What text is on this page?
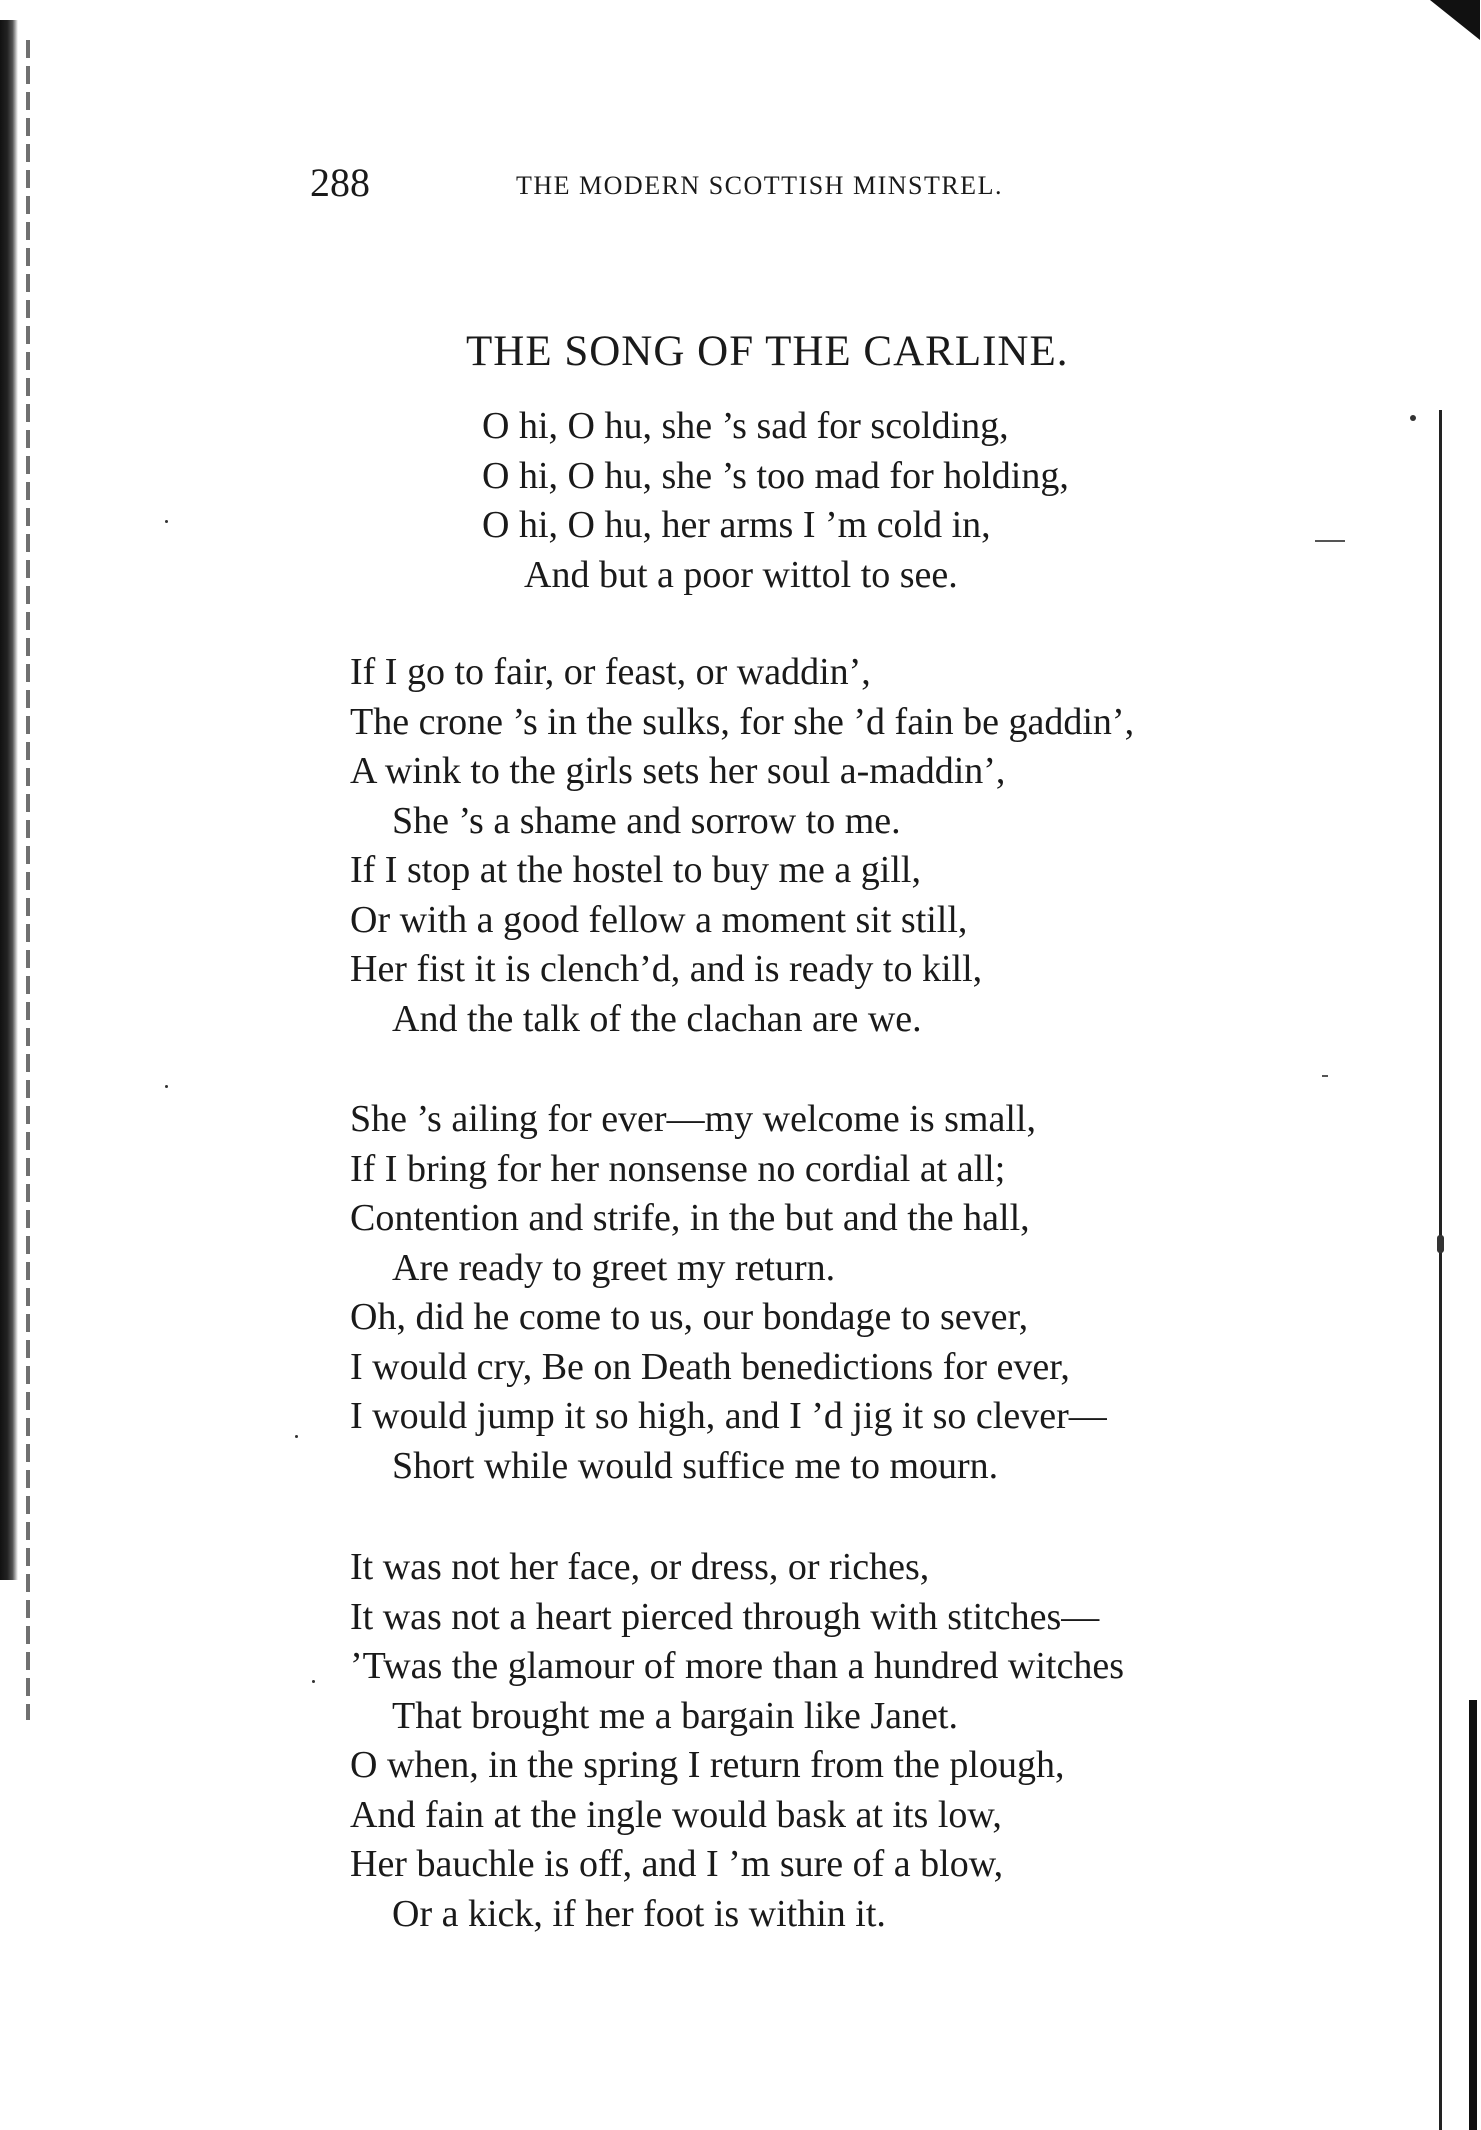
288	THE MODERN SCOTTISH MINSTREL.
THE SONG OF THE CARLINE.
O hi, O hu, she ’s sad for scolding,
O hi, O hu, she ’s too mad for holding,
O hi, O hu, her arms I ’m cold in,
And but a poor wittol to see.
If I go to fair, or feast, or waddin’,
The crone ’s in the sulks, for she ’d fain be gaddin’,
A wink to the girls sets her soul a-maddin’,
She ’s a shame and sorrow to me.
If I stop at the hostel to buy me a gill,
Or with a good fellow a moment sit still,
Her fist it is clench’d, and is ready to kill,
And the talk of the clachan are we.
She ’s ailing for ever—my welcome is small,
If I bring for her nonsense no cordial at all;
Contention and strife, in the but and the hall,
Are ready to greet my return.
Oh, did he come to us, our bondage to sever,
I would cry, Be on Death benedictions for ever,
I would jump it so high, and I ’d jig it so clever—
Short while would suffice me to mourn.
It was not her face, or dress, or riches,
It was not a heart pierced through with stitches—
’Twas the glamour of more than a hundred witches
That brought me a bargain like Janet.
O when, in the spring I return from the plough,
And fain at the ingle would bask at its low,
Her bauchle is off, and I ’m sure of a blow,
Or a kick, if her foot is within it.
